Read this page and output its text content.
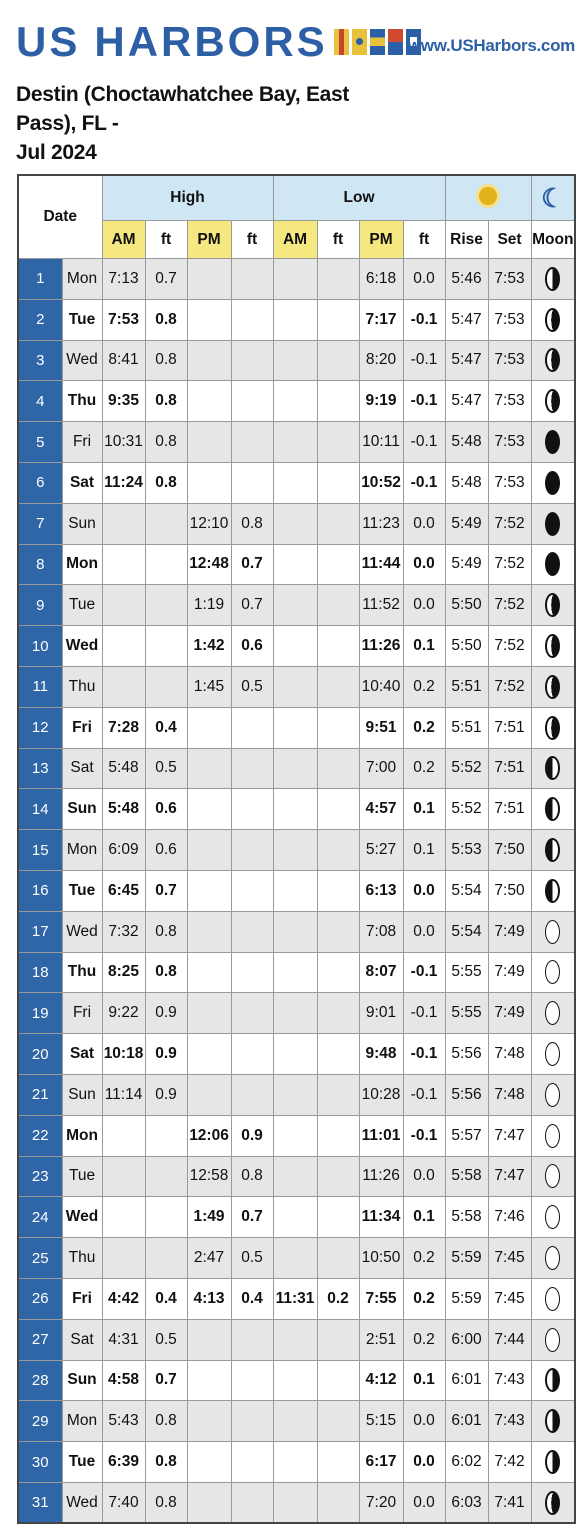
US HARBORS	www.USHarbors.com
Destin (Choctawhatchee Bay, East Pass), FL -
Jul 2024
Date		High				Low						☾
		AM	ft	PM	ft	AM	ft	PM	ft	Rise	Set	Moon
1	Mon	7:13	0.7					6:18	0.0	5:46	7:53	
2	Tue	7:53	0.8					7:17	-0.1	5:47	7:53	
3	Wed	8:41	0.8					8:20	-0.1	5:47	7:53	
4	Thu	9:35	0.8					9:19	-0.1	5:47	7:53	
5	Fri	10:31	0.8					10:11	-0.1	5:48	7:53	
6	Sat	11:24	0.8					10:52	-0.1	5:48	7:53	
7	Sun			12:10	0.8			11:23	0.0	5:49	7:52	
8	Mon			12:48	0.7			11:44	0.0	5:49	7:52	
9	Tue			1:19	0.7			11:52	0.0	5:50	7:52	
10	Wed			1:42	0.6			11:26	0.1	5:50	7:52	
11	Thu			1:45	0.5			10:40	0.2	5:51	7:52	
12	Fri	7:28	0.4					9:51	0.2	5:51	7:51	
13	Sat	5:48	0.5					7:00	0.2	5:52	7:51	
14	Sun	5:48	0.6					4:57	0.1	5:52	7:51	
15	Mon	6:09	0.6					5:27	0.1	5:53	7:50	
16	Tue	6:45	0.7					6:13	0.0	5:54	7:50	
17	Wed	7:32	0.8					7:08	0.0	5:54	7:49	
18	Thu	8:25	0.8					8:07	-0.1	5:55	7:49	
19	Fri	9:22	0.9					9:01	-0.1	5:55	7:49	
20	Sat	10:18	0.9					9:48	-0.1	5:56	7:48	
21	Sun	11:14	0.9					10:28	-0.1	5:56	7:48	
22	Mon			12:06	0.9			11:01	-0.1	5:57	7:47	
23	Tue			12:58	0.8			11:26	0.0	5:58	7:47	
24	Wed			1:49	0.7			11:34	0.1	5:58	7:46	
25	Thu			2:47	0.5			10:50	0.2	5:59	7:45	
26	Fri	4:42	0.4	4:13	0.4	11:31	0.2	7:55	0.2	5:59	7:45	
27	Sat	4:31	0.5					2:51	0.2	6:00	7:44	
28	Sun	4:58	0.7					4:12	0.1	6:01	7:43	
29	Mon	5:43	0.8					5:15	0.0	6:01	7:43	
30	Tue	6:39	0.8					6:17	0.0	6:02	7:42	
31	Wed	7:40	0.8					7:20	0.0	6:03	7:41	
